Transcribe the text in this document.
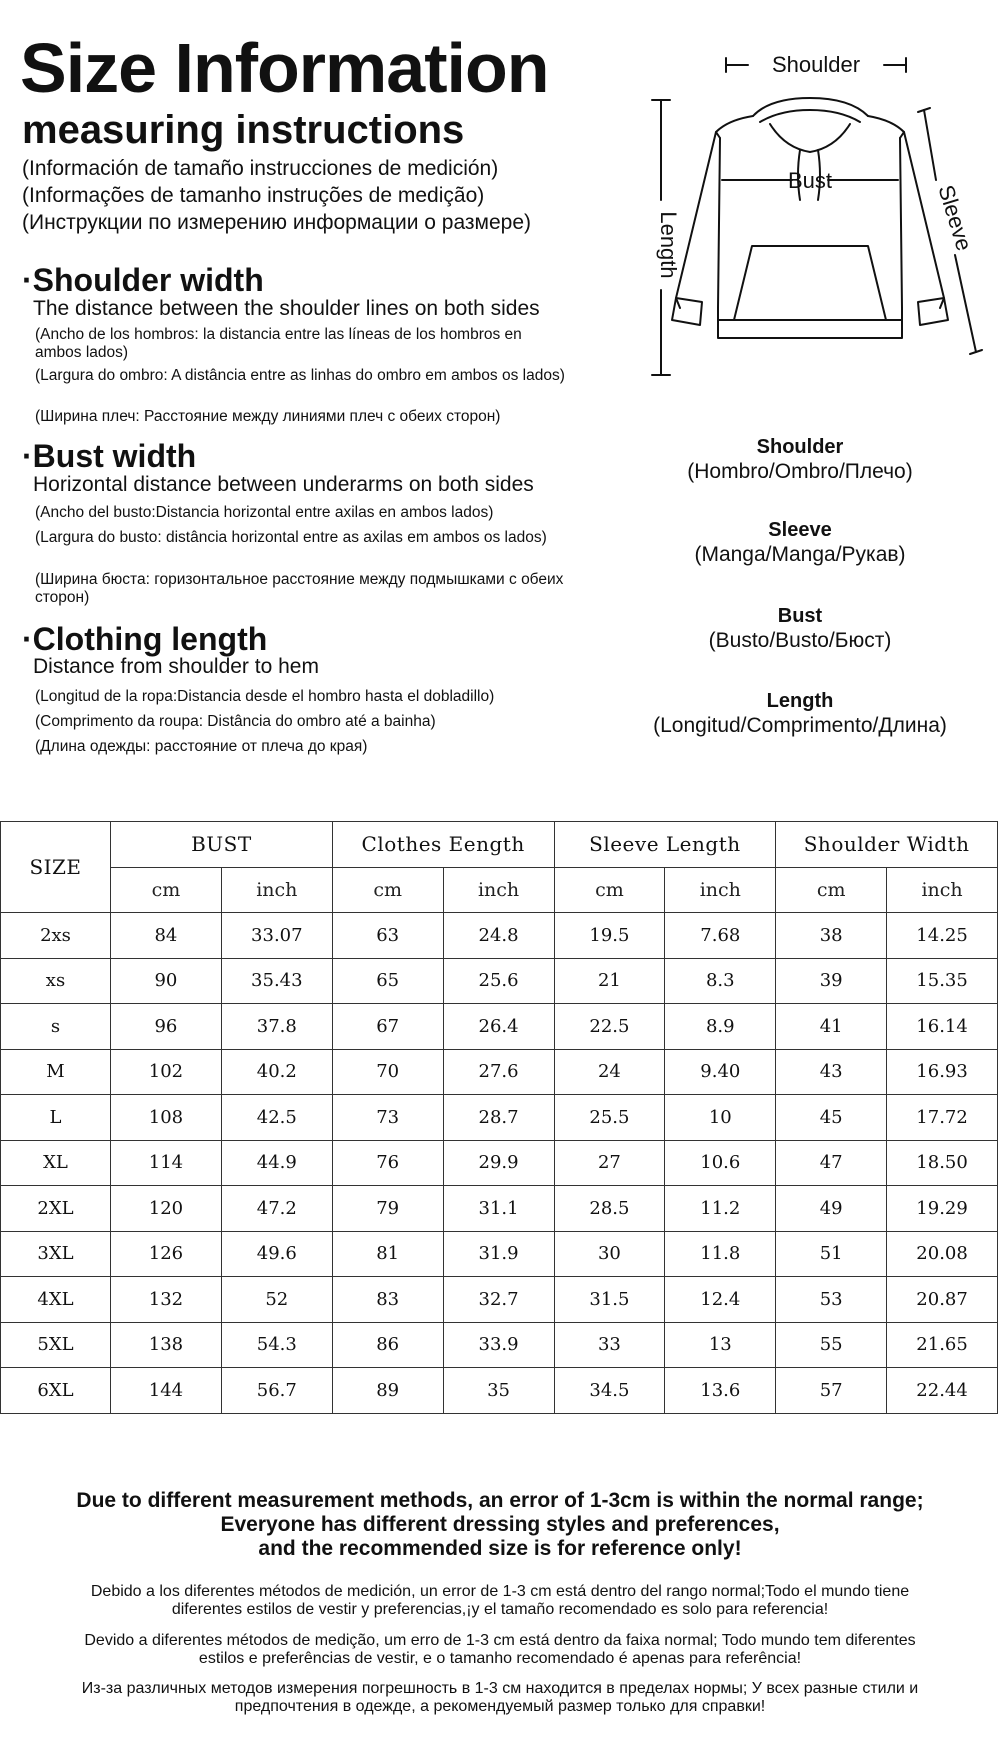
Size Information
measuring instructions
(Información de tamaño instrucciones de medición)
(Informações de tamanho instruções de medição)
(Инструкции по измерению информации о размере)
·Shoulder width
The distance between the shoulder lines on both sides
(Ancho de los hombros: la distancia entre las líneas de los hombros en ambos lados)
(Largura do ombro: A distância entre as linhas do ombro em ambos os lados)
(Ширина плеч: Расстояние между линиями плеч с обеих сторон)
·Bust width
Horizontal distance between underarms on both sides
(Ancho del busto:Distancia horizontal entre axilas en ambos lados)
(Largura do busto: distância horizontal entre as axilas em ambos os lados)
(Ширина бюста: горизонтальное расстояние между подмышками с обеих сторон)
·Clothing length
Distance from shoulder to hem
(Longitud de la ropa:Distancia desde el hombro hasta el dobladillo)
(Comprimento da roupa: Distância do ombro até a bainha)
(Длина одежды: расстояние от плеча до края)
Shoulder
Bust
Length	Sleeve
Shoulder
(Hombro/Ombro/Плечо)
Sleeve
(Manga/Manga/Рукав)
Bust
(Busto/Busto/Бюст)
Length
(Longitud/Comprimento/Длина)
SIZE	BUST		Clothes Eength		Sleeve Length		Shoulder Width	
	cm	inch	cm	inch	cm	inch	cm	inch
2xs	84	33.07	63	24.8	19.5	7.68	38	14.25
xs	90	35.43	65	25.6	21	8.3	39	15.35
s	96	37.8	67	26.4	22.5	8.9	41	16.14
M	102	40.2	70	27.6	24	9.40	43	16.93
L	108	42.5	73	28.7	25.5	10	45	17.72
XL	114	44.9	76	29.9	27	10.6	47	18.50
2XL	120	47.2	79	31.1	28.5	11.2	49	19.29
3XL	126	49.6	81	31.9	30	11.8	51	20.08
4XL	132	52	83	32.7	31.5	12.4	53	20.87
5XL	138	54.3	86	33.9	33	13	55	21.65
6XL	144	56.7	89	35	34.5	13.6	57	22.44
Due to different measurement methods, an error of 1-3cm is within the normal range;
Everyone has different dressing styles and preferences,
and the recommended size is for reference only!
Debido a los diferentes métodos de medición, un error de 1-3 cm está dentro del rango normal;Todo el mundo tiene diferentes estilos de vestir y preferencias,¡y el tamaño recomendado es solo para referencia!
Devido a diferentes métodos de medição, um erro de 1-3 cm está dentro da faixa normal; Todo mundo tem diferentes estilos e preferências de vestir, e o tamanho recomendado é apenas para referência!
Из-за различных методов измерения погрешность в 1-3 см находится в пределах нормы; У всех разные стили и предпочтения в одежде, а рекомендуемый размер только для справки!
